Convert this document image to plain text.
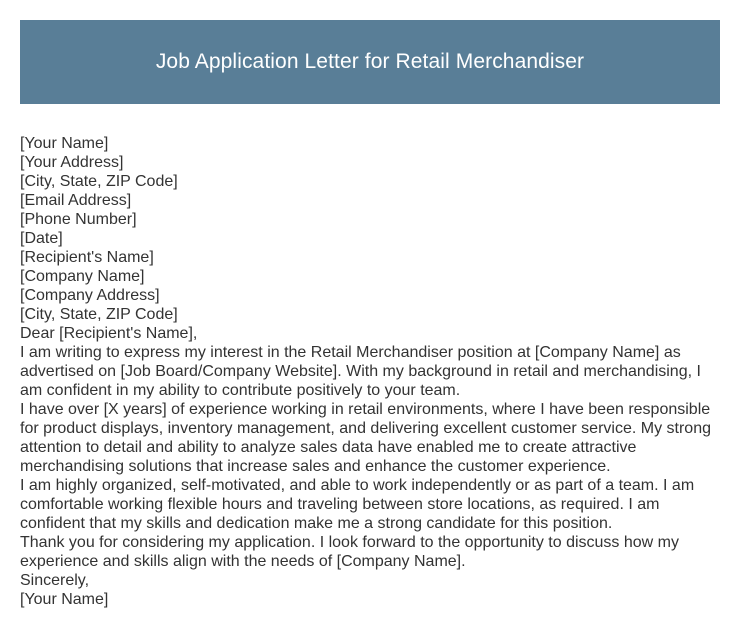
Job Application Letter for Retail Merchandiser
[Your Name]
[Your Address]
[City, State, ZIP Code]
[Email Address]
[Phone Number]
[Date]
[Recipient's Name]
[Company Name]
[Company Address]
[City, State, ZIP Code]
Dear [Recipient's Name],
I am writing to express my interest in the Retail Merchandiser position at [Company Name] as advertised on [Job Board/Company Website]. With my background in retail and merchandising, I am confident in my ability to contribute positively to your team.
I have over [X years] of experience working in retail environments, where I have been responsible for product displays, inventory management, and delivering excellent customer service. My strong attention to detail and ability to analyze sales data have enabled me to create attractive merchandising solutions that increase sales and enhance the customer experience.
I am highly organized, self-motivated, and able to work independently or as part of a team. I am comfortable working flexible hours and traveling between store locations, as required. I am confident that my skills and dedication make me a strong candidate for this position.
Thank you for considering my application. I look forward to the opportunity to discuss how my experience and skills align with the needs of [Company Name].
Sincerely,
[Your Name]
